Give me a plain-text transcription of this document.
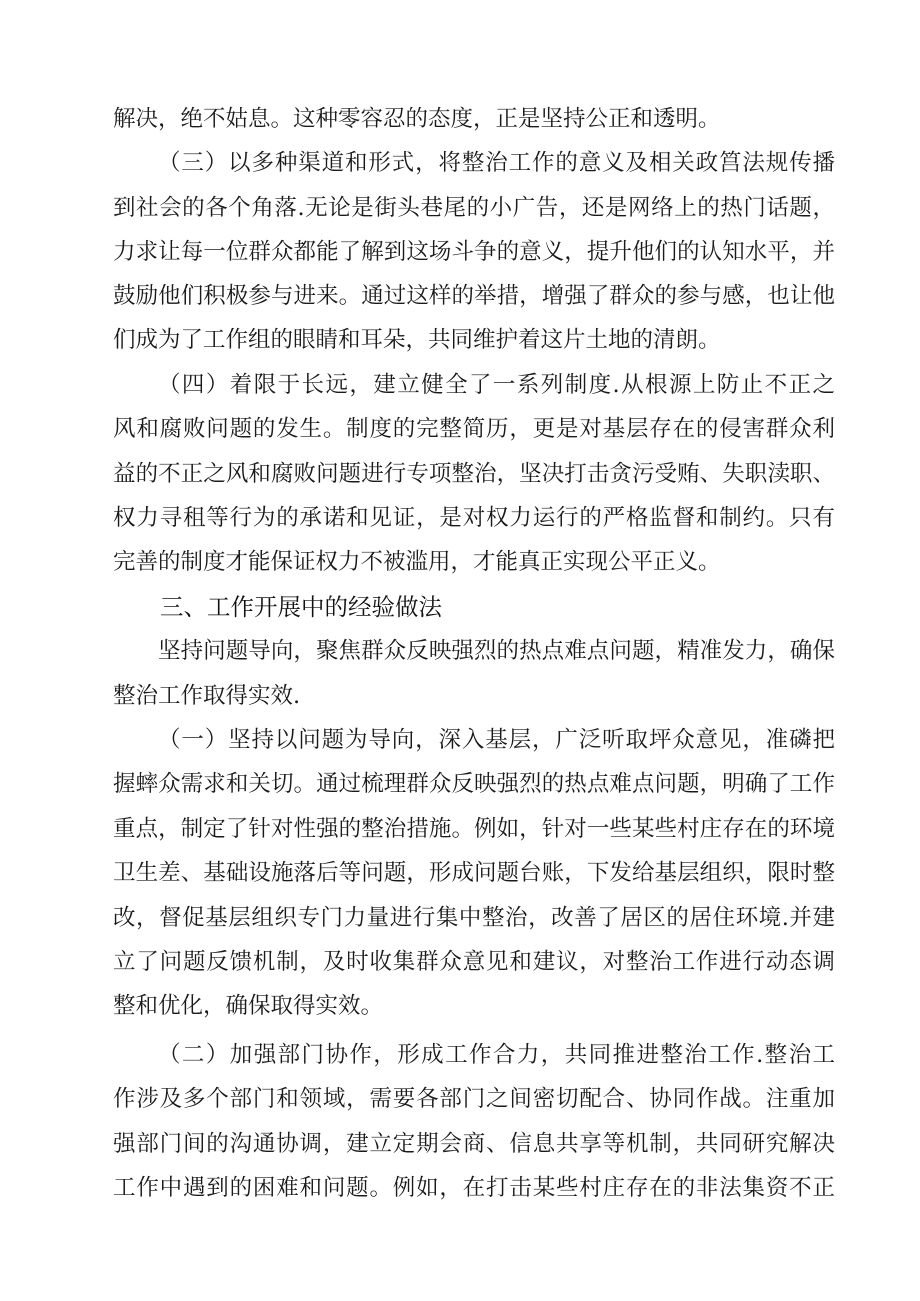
解决，绝不姑息。这种零容忍的态度，正是坚持公正和透明。
（三）以多种渠道和形式，将整治工作的意义及相关政筥法规传播
到社会的各个角落.无论是街头巷尾的小广告，还是网络上的热门话题，
力求让每一位群众都能了解到这场斗争的意义，提升他们的认知水平，并
鼓励他们积极参与进来。通过这样的举措，增强了群众的参与感，也让他
们成为了工作组的眼睛和耳朵，共同维护着这片土地的清朗。
（四）着限于长远，建立健全了一系列制度.从根源上防止不正之
风和腐败问题的发生。制度的完整简历，更是对基层存在的侵害群众利
益的不正之风和腐败问题进行专项整治，坚决打击贪污受贿、失职渎职、
权力寻租等行为的承诺和见证，是对权力运行的严格监督和制约。只有
完善的制度才能保证权力不被滥用，才能真正实现公平正义。
三、工作开展中的经验做法
坚持问题导向，聚焦群众反映强烈的热点难点问题，精准发力，确保
整治工作取得实效.
（一）坚持以问题为导向，深入基层，广泛听取坪众意见，准磷把
握蟀众需求和关切。通过梳理群众反映强烈的热点难点问题，明确了工作
重点，制定了针对性强的整治措施。例如，针对一些某些村庄存在的环境
卫生差、基础设施落后等问题，形成问题台账，下发给基层组织，限时整
改，督促基层组织专门力量进行集中整治，改善了居区的居住环境.并建
立了问题反馈机制，及时收集群众意见和建议，对整治工作进行动态调
整和优化，确保取得实效。
（二）加强部门协作，形成工作合力，共同推进整治工作.整治工
作涉及多个部门和领域，需要各部门之间密切配合、协同作战。注重加
强部门间的沟通协调，建立定期会商、信息共享等机制，共同研究解决
工作中遇到的困难和问题。例如，在打击某些村庄存在的非法集资不正
